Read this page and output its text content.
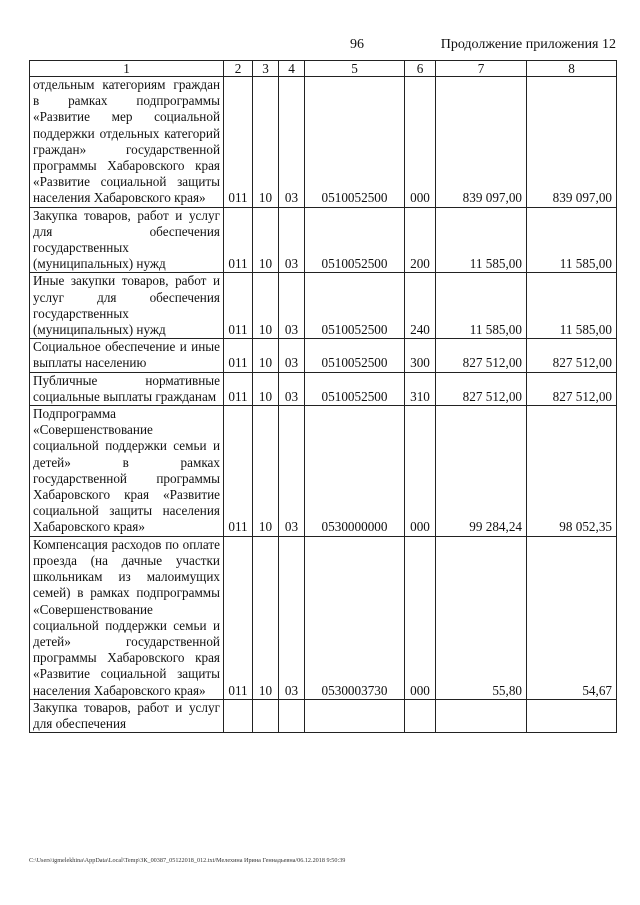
96	Продолжение приложения 12
1	2	3	4	5	6	7	8
отдельным категориям граждан в рамках подпрограммы «Развитие мер социальной поддержки отдельных категорий граждан» государственной программы Хабаровского края «Развитие социальной защиты населения Хабаровского края»	011	10	03	0510052500	000	839 097,00	839 097,00
Закупка товаров, работ и услуг для обеспечения государственных (муниципальных) нужд	011	10	03	0510052500	200	11 585,00	11 585,00
Иные закупки товаров, работ и услуг для обеспечения государственных (муниципальных) нужд	011	10	03	0510052500	240	11 585,00	11 585,00
Социальное обеспечение и иные выплаты населению	011	10	03	0510052500	300	827 512,00	827 512,00
Публичные нормативные социальные выплаты гражданам	011	10	03	0510052500	310	827 512,00	827 512,00
Подпрограмма «Совершенствование социальной поддержки семьи и детей» в рамках государственной программы Хабаровского края «Развитие социальной защиты населения Хабаровского края»	011	10	03	0530000000	000	99 284,24	98 052,35
Компенсация расходов по оплате проезда (на дачные участки школьникам из малоимущих семей) в рамках подпрограммы «Совершенствование социальной поддержки семьи и детей» государственной программы Хабаровского края «Развитие социальной защиты населения Хабаровского края»	011	10	03	0530003730	000	55,80	54,67
Закупка товаров, работ и услуг для обеспечения							
C:\Users\igmelekhina\AppData\Local\Temp\ЗК_00387_05122018_012.txt/Мелехина Ирина Геннадьевна/06.12.2018 9:50:39
